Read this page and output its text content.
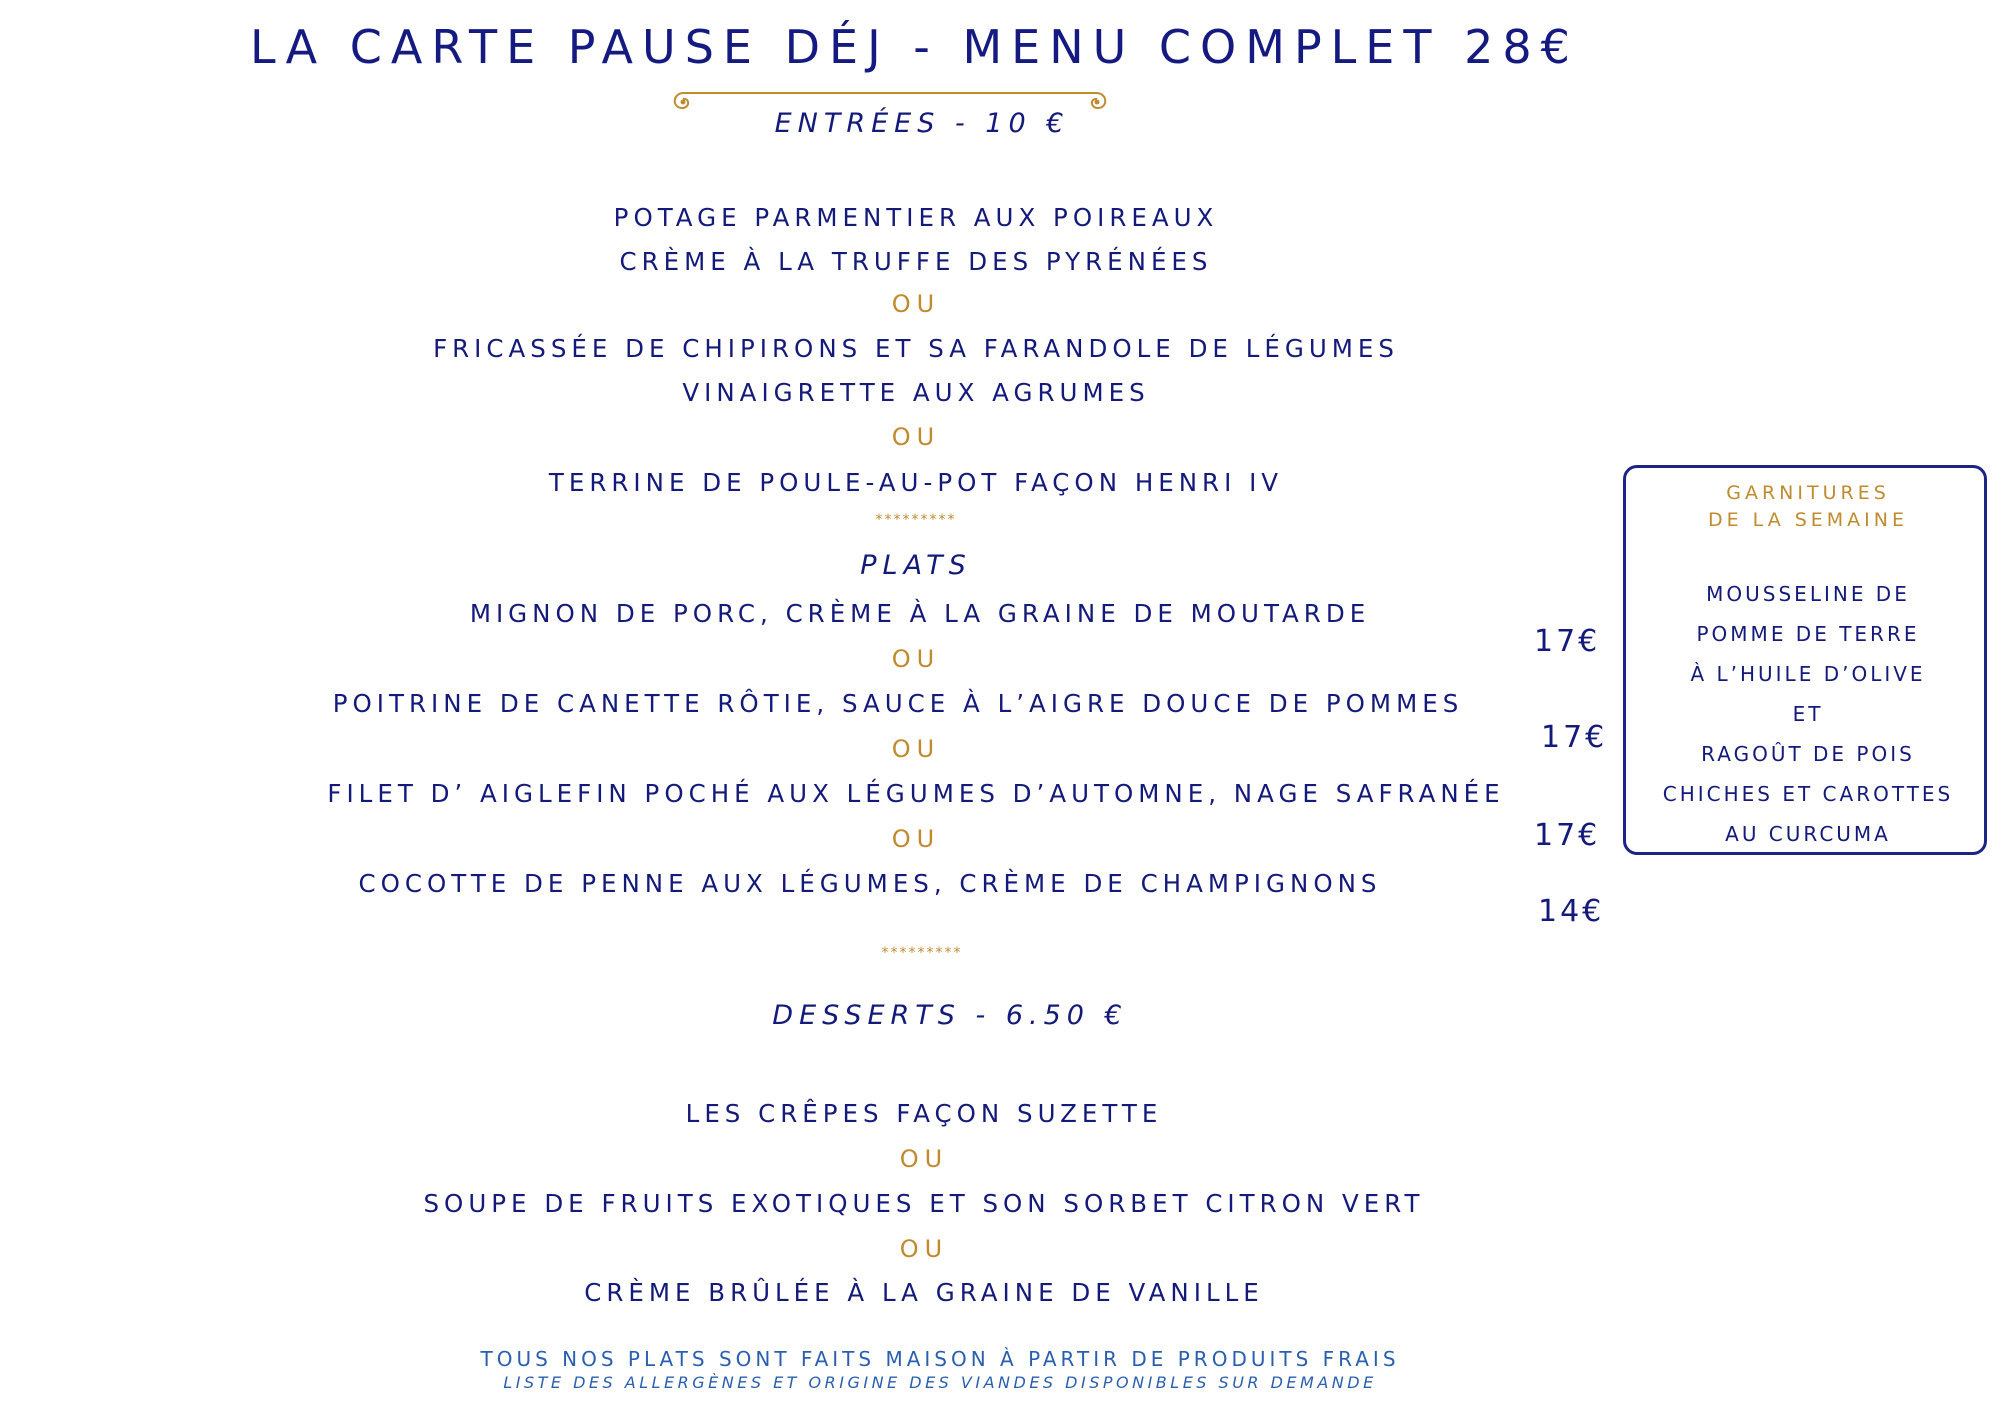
LA CARTE PAUSE DÉJ - MENU COMPLET 28€
ENTRÉES - 10 €
POTAGE PARMENTIER AUX POIREAUX
CRÈME À LA TRUFFE DES PYRÉNÉES
OU
FRICASSÉE DE CHIPIRONS ET SA FARANDOLE DE LÉGUMES
VINAIGRETTE AUX AGRUMES
OU
TERRINE DE POULE-AU-POT FAÇON HENRI IV
*********
PLATS
MIGNON DE PORC, CRÈME À LA GRAINE DE MOUTARDE
17€
OU
POITRINE DE CANETTE RÔTIE, SAUCE À L’AIGRE DOUCE DE POMMES
17€
OU
FILET D’ AIGLEFIN POCHÉ AUX LÉGUMES D’AUTOMNE, NAGE SAFRANÉE
17€
OU
COCOTTE DE PENNE AUX LÉGUMES, CRÈME DE CHAMPIGNONS
14€
*********
GARNITURES
DE LA SEMAINE
MOUSSELINE DE
POMME DE TERRE
À L’HUILE D’OLIVE
ET
RAGOÛT DE POIS
CHICHES ET CAROTTES
AU CURCUMA
DESSERTS - 6.50 €
LES CRÊPES FAÇON SUZETTE
OU
SOUPE DE FRUITS EXOTIQUES ET SON SORBET CITRON VERT
OU
CRÈME BRÛLÉE À LA GRAINE DE VANILLE
TOUS NOS PLATS SONT FAITS MAISON À PARTIR DE PRODUITS FRAIS
LISTE DES ALLERGÈNES ET ORIGINE DES VIANDES DISPONIBLES SUR DEMANDE
